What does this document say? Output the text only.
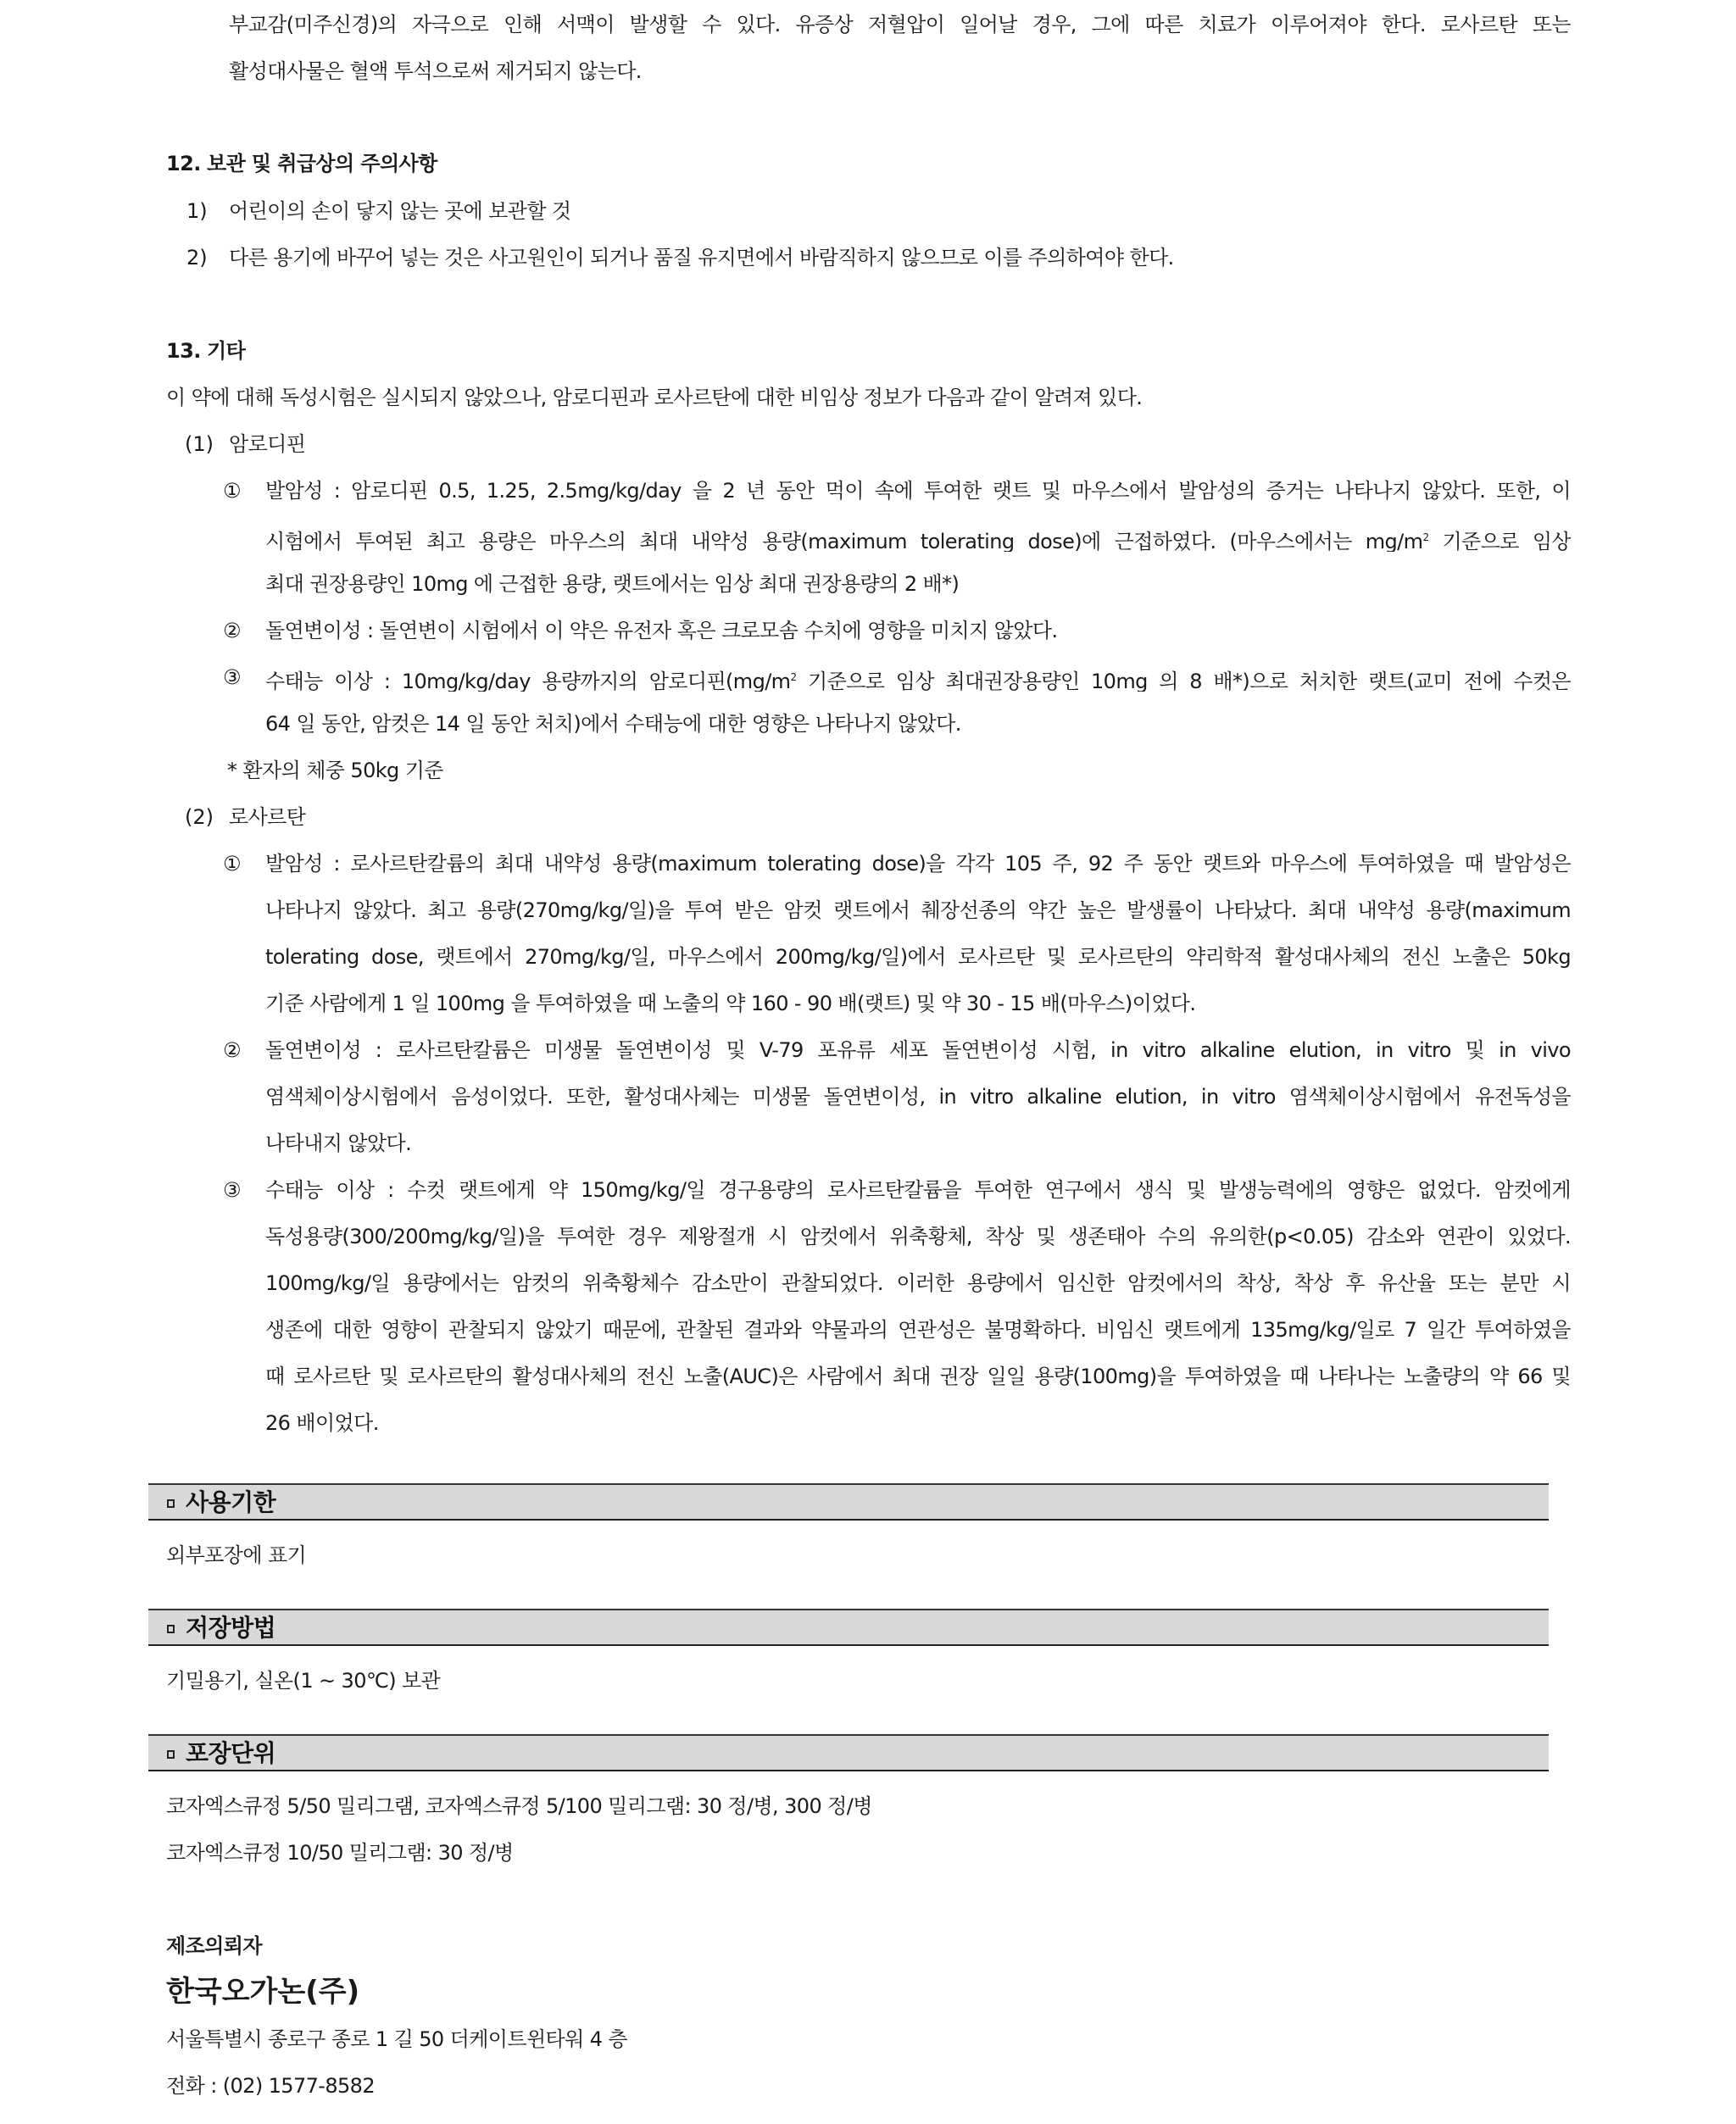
부교감(미주신경)의 자극으로 인해 서맥이 발생할 수 있다. 유증상 저혈압이 일어날 경우, 그에 따른 치료가 이루어져야 한다. 로사르탄 또는
활성대사물은 혈액 투석으로써 제거되지 않는다.
12. 보관 및 취급상의 주의사항
1) 어린이의 손이 닿지 않는 곳에 보관할 것
2) 다른 용기에 바꾸어 넣는 것은 사고원인이 되거나 품질 유지면에서 바람직하지 않으므로 이를 주의하여야 한다.
13. 기타
이 약에 대해 독성시험은 실시되지 않았으나, 암로디핀과 로사르탄에 대한 비임상 정보가 다음과 같이 알려져 있다.
(1) 암로디핀
① 발암성 : 암로디핀 0.5, 1.25, 2.5mg/kg/day 을 2 년 동안 먹이 속에 투여한 랫트 및 마우스에서 발암성의 증거는 나타나지 않았다. 또한, 이
시험에서 투여된 최고 용량은 마우스의 최대 내약성 용량(maximum tolerating dose)에 근접하였다. (마우스에서는 $mg/m^2$ 기준으로 임상
최대 권장용량인 10mg 에 근접한 용량, 랫트에서는 임상 최대 권장용량의 2 배*)
② 돌연변이성 : 돌연변이 시험에서 이 약은 유전자 혹은 크로모솜 수치에 영향을 미치지 않았다.
③ 수태능 이상 : 10mg/kg/day 용량까지의 암로디핀($mg/m^2$ 기준으로 임상 최대권장용량인 10mg 의 8 배*)으로 처치한 랫트(교미 전에 수컷은
64 일 동안, 암컷은 14 일 동안 처치)에서 수태능에 대한 영향은 나타나지 않았다.
* 환자의 체중 50kg 기준
(2) 로사르탄
① 발암성 : 로사르탄칼륨의 최대 내약성 용량(maximum tolerating dose)을 각각 105 주, 92 주 동안 랫트와 마우스에 투여하였을 때 발암성은
나타나지 않았다. 최고 용량(270mg/kg/일)을 투여 받은 암컷 랫트에서 췌장선종의 약간 높은 발생률이 나타났다. 최대 내약성 용량(maximum
tolerating dose, 랫트에서 270mg/kg/일, 마우스에서 200mg/kg/일)에서 로사르탄 및 로사르탄의 약리학적 활성대사체의 전신 노출은 50kg
기준 사람에게 1 일 100mg 을 투여하였을 때 노출의 약 160 - 90 배(랫트) 및 약 30 - 15 배(마우스)이었다.
② 돌연변이성 : 로사르탄칼륨은 미생물 돌연변이성 및 V-79 포유류 세포 돌연변이성 시험, in vitro alkaline elution, in vitro 및 in vivo
염색체이상시험에서 음성이었다. 또한, 활성대사체는 미생물 돌연변이성, in vitro alkaline elution, in vitro 염색체이상시험에서 유전독성을
나타내지 않았다.
③ 수태능 이상 : 수컷 랫트에게 약 150mg/kg/일 경구용량의 로사르탄칼륨을 투여한 연구에서 생식 및 발생능력에의 영향은 없었다. 암컷에게
독성용량(300/200mg/kg/일)을 투여한 경우 제왕절개 시 암컷에서 위축황체, 착상 및 생존태아 수의 유의한(p<0.05) 감소와 연관이 있었다.
100mg/kg/일 용량에서는 암컷의 위축황체수 감소만이 관찰되었다. 이러한 용량에서 임신한 암컷에서의 착상, 착상 후 유산율 또는 분만 시
생존에 대한 영향이 관찰되지 않았기 때문에, 관찰된 결과와 약물과의 연관성은 불명확하다. 비임신 랫트에게 135mg/kg/일로 7 일간 투여하였을
때 로사르탄 및 로사르탄의 활성대사체의 전신 노출(AUC)은 사람에서 최대 권장 일일 용량(100mg)을 투여하였을 때 나타나는 노출량의 약 66 및
26 배이었다.
사용기한
외부포장에 표기
저장방법
기밀용기, 실온(1 ~ 30℃) 보관
포장단위
코자엑스큐정 5/50 밀리그램, 코자엑스큐정 5/100 밀리그램: 30 정/병, 300 정/병
코자엑스큐정 10/50 밀리그램: 30 정/병
제조의뢰자
한국오가논(주)
서울특별시 종로구 종로 1 길 50 더케이트윈타워 4 층
전화 : (02) 1577-8582
